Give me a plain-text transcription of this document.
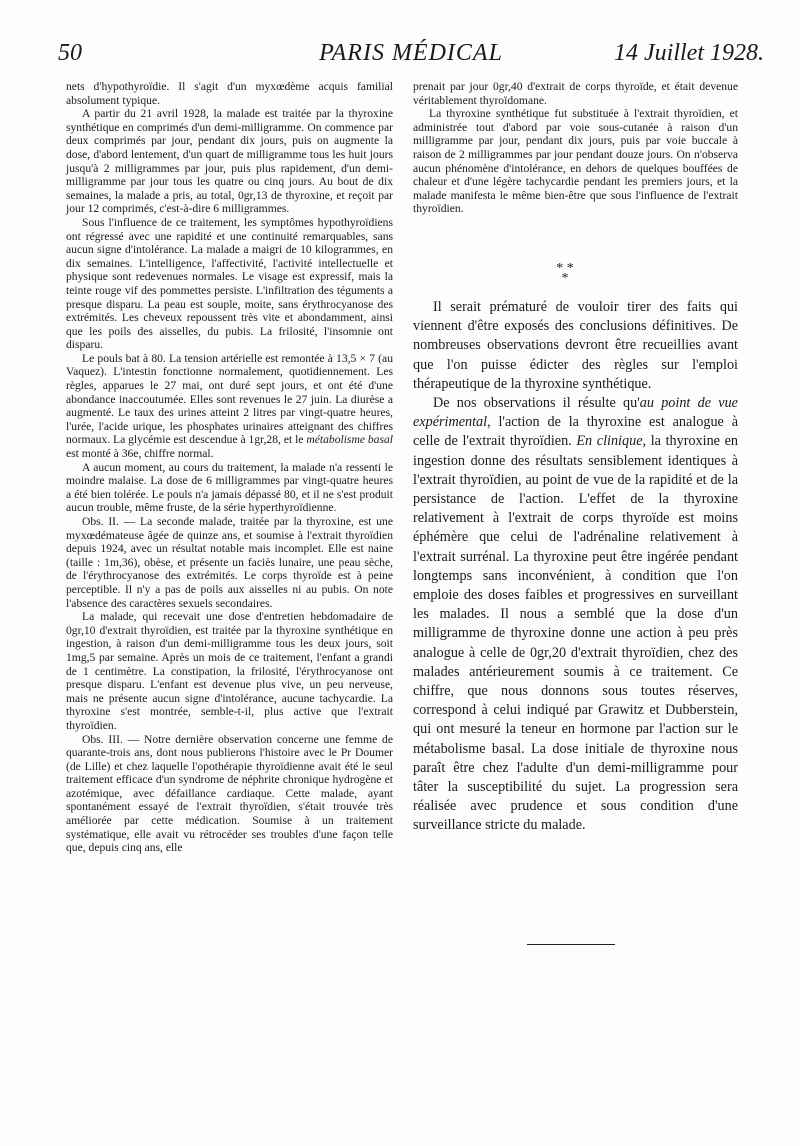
50	PARIS MÉDICAL	14 Juillet 1928.

nets d'hypothyroïdie. Il s'agit d'un myxœdème acquis familial absolument typique.

A partir du 21 avril 1928, la malade est traitée par la thyroxine synthétique en comprimés d'un demi-milligramme. On commence par deux comprimés par jour, pendant dix jours, puis on augmente la dose, d'abord lentement, d'un quart de milligramme tous les huit jours jusqu'à 2 milligrammes par jour, puis plus rapidement, d'un demi-milligramme par jour tous les quatre ou cinq jours. Au bout de dix semaines, la malade a pris, au total, 0gr,13 de thyroxine, et reçoit par jour 12 comprimés, c'est-à-dire 6 milligrammes.

Sous l'influence de ce traitement, les symptômes hypothyroïdiens ont régressé avec une rapidité et une continuité remarquables, sans aucun signe d'intolérance. La malade a maigri de 10 kilogrammes, en dix semaines. L'intelligence, l'affectivité, l'activité intellectuelle et physique sont redevenues normales. Le visage est expressif, mais la teinte rouge vif des pommettes persiste. L'infiltration des téguments a presque disparu. La peau est souple, moite, sans érythrocyanose des extrémités. Les cheveux repoussent très vite et abondamment, ainsi que les poils des aisselles, du pubis. La frilosité, l'insomnie ont disparu.

Le pouls bat à 80. La tension artérielle est remontée à 13,5 × 7 (au Vaquez). L'intestin fonctionne normalement, quotidiennement. Les règles, apparues le 27 mai, ont duré sept jours, et ont été d'une abondance inaccoutumée. Elles sont revenues le 27 juin. La diurèse a augmenté. Le taux des urines atteint 2 litres par vingt-quatre heures, l'urée, l'acide urique, les phosphates urinaires atteignant des chiffres normaux. La glycémie est descendue à 1gr,28, et le métabolisme basal est monté à 36e, chiffre normal.

A aucun moment, au cours du traitement, la malade n'a ressenti le moindre malaise. La dose de 6 milligrammes par vingt-quatre heures a été bien tolérée. Le pouls n'a jamais dépassé 80, et il ne s'est produit aucun trouble, même fruste, de la série hyperthyroïdienne.

Obs. II. — La seconde malade, traitée par la thyroxine, est une myxœdémateuse âgée de quinze ans, et soumise à l'extrait thyroïdien depuis 1924, avec un résultat notable mais incomplet. Elle est naine (taille : 1m,36), obèse, et présente un faciès lunaire, une peau sèche, de l'érythrocyanose des extrémités. Le corps thyroïde est à peine perceptible. Il n'y a pas de poils aux aisselles ni au pubis. On note l'absence des caractères sexuels secondaires.

La malade, qui recevait une dose d'entretien hebdomadaire de 0gr,10 d'extrait thyroïdien, est traitée par la thyroxine synthétique en ingestion, à raison d'un demi-milligramme tous les deux jours, soit 1mg,5 par semaine. Après un mois de ce traitement, l'enfant a grandi de 1 centimètre. La constipation, la frilosité, l'érythrocyanose ont presque disparu. L'enfant est devenue plus vive, un peu nerveuse, mais ne présente aucun signe d'intolérance, aucune tachycardie. La thyroxine s'est montrée, semble-t-il, plus active que l'extrait thyroïdien.

Obs. III. — Notre dernière observation concerne une femme de quarante-trois ans, dont nous publierons l'histoire avec le Pr Doumer (de Lille) et chez laquelle l'opothérapie thyroïdienne avait été le seul traitement efficace d'un syndrome de néphrite chronique hydrogène et azotémique, avec défaillance cardiaque. Cette malade, ayant spontanément essayé de l'extrait thyroïdien, s'était trouvée très améliorée par cette médication. Soumise à un traitement systématique, elle avait vu rétrocéder ses troubles d'une façon telle que, depuis cinq ans, elle

prenait par jour 0gr,40 d'extrait de corps thyroïde, et était devenue véritablement thyroïdomane.

La thyroxine synthétique fut substituée à l'extrait thyroïdien, et administrée tout d'abord par voie sous-cutanée à raison d'un milligramme par jour, pendant dix jours, puis par voie buccale à raison de 2 milligrammes par jour pendant douze jours. On n'observa aucun phénomène d'intolérance, en dehors de quelques bouffées de chaleur et d'une légère tachycardie pendant les premiers jours, et la malade manifesta le même bien-être que sous l'influence de l'extrait thyroïdien.

* *
*

Il serait prématuré de vouloir tirer des faits qui viennent d'être exposés des conclusions définitives. De nombreuses observations devront être recueillies avant que l'on puisse édicter des règles sur l'emploi thérapeutique de la thyroxine synthétique.

De nos observations il résulte qu'au point de vue expérimental, l'action de la thyroxine est analogue à celle de l'extrait thyroïdien. En clinique, la thyroxine en ingestion donne des résultats sensiblement identiques à l'extrait thyroïdien, au point de vue de la rapidité et de la persistance de l'action. L'effet de la thyroxine relativement à l'extrait de corps thyroïde est moins éphémère que celui de l'adrénaline relativement à l'extrait surrénal. La thyroxine peut être ingérée pendant longtemps sans inconvénient, à condition que l'on emploie des doses faibles et progressives en surveillant les malades. Il nous a semblé que la dose d'un milligramme de thyroxine donne une action à peu près analogue à celle de 0gr,20 d'extrait thyroïdien, chez des malades antérieurement soumis à ce traitement. Ce chiffre, que nous donnons sous toutes réserves, correspond à celui indiqué par Grawitz et Dubberstein, qui ont mesuré la teneur en hormone par l'action sur le métabolisme basal. La dose initiale de thyroxine nous paraît être chez l'adulte d'un demi-milligramme pour tâter la susceptibilité du sujet. La progression sera réalisée avec prudence et sous condition d'une surveillance stricte du malade.
